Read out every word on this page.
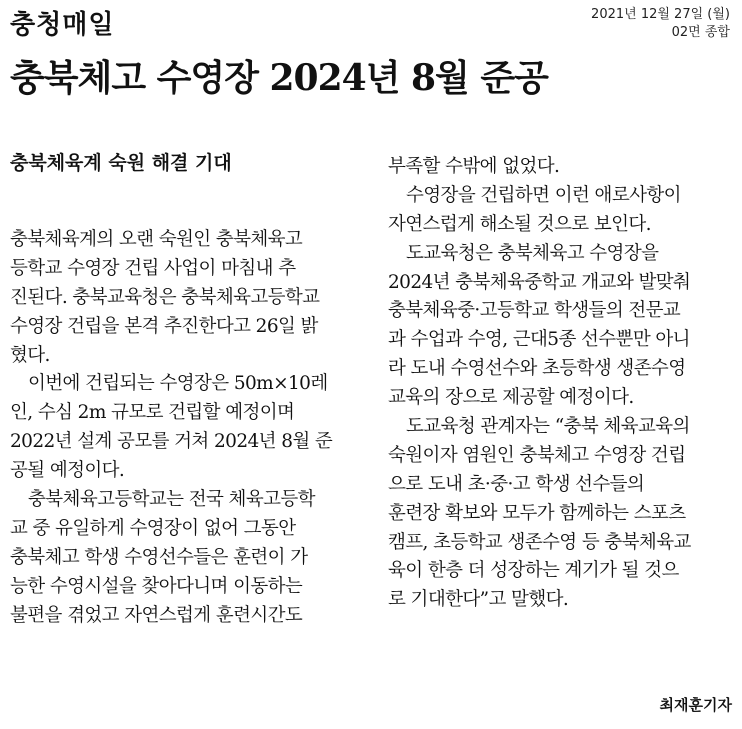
충청매일	2021년 12월 27일 (월)
02면 종합
충북체고 수영장 2024년 8월 준공
충북체육계 숙원 해결 기대
충북체육계의 오랜 숙원인 충북체육고
등학교 수영장 건립 사업이 마침내 추
진된다. 충북교육청은 충북체육고등학교
수영장 건립을 본격 추진한다고 26일 밝
혔다.
이번에 건립되는 수영장은 50m×10레
인, 수심 2m 규모로 건립할 예정이며
2022년 설계 공모를 거쳐 2024년 8월 준
공될 예정이다.
충북체육고등학교는 전국 체육고등학
교 중 유일하게 수영장이 없어 그동안
충북체고 학생 수영선수들은 훈련이 가
능한 수영시설을 찾아다니며 이동하는
불편을 겪었고 자연스럽게 훈련시간도
부족할 수밖에 없었다.
수영장을 건립하면 이런 애로사항이
자연스럽게 해소될 것으로 보인다.
도교육청은 충북체육고 수영장을
2024년 충북체육중학교 개교와 발맞춰
충북체육중·고등학교 학생들의 전문교
과 수업과 수영, 근대5종 선수뿐만 아니
라 도내 수영선수와 초등학생 생존수영
교육의 장으로 제공할 예정이다.
도교육청 관계자는 “충북 체육교육의
숙원이자 염원인 충북체고 수영장 건립
으로 도내 초·중·고 학생 선수들의
훈련장 확보와 모두가 함께하는 스포츠
캠프, 초등학교 생존수영 등 충북체육교
육이 한층 더 성장하는 계기가 될 것으
로 기대한다”고 말했다.
최재훈기자
